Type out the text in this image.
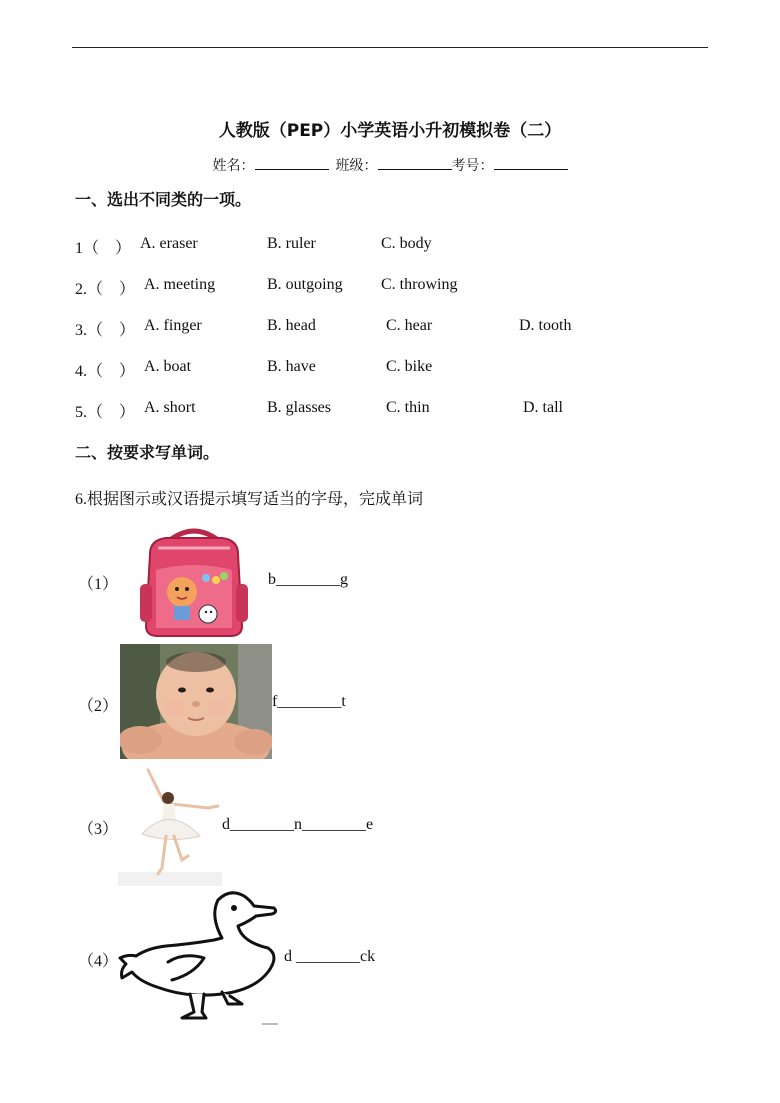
人教版（PEP）小学英语小升初模拟卷（二）
姓名：	班级：	考号：
一、选出不同类的一项。
1（　） A. eraser	B. ruler	C. body
2.（　） A. meeting	B. outgoing C. throwing
3.（　） A. finger	B. head	C. hear	D. tooth
4.（　） A. boat	B. have	C. bike
5.（　） A. short	B. glasses	C. thin	D. tall
二、按要求写单词。
6.根据图示或汉语提示填写适当的字母，完成单词
（1）	b________g
（2）	f________t
（3）	d________n________e
（4）	d ________ck
